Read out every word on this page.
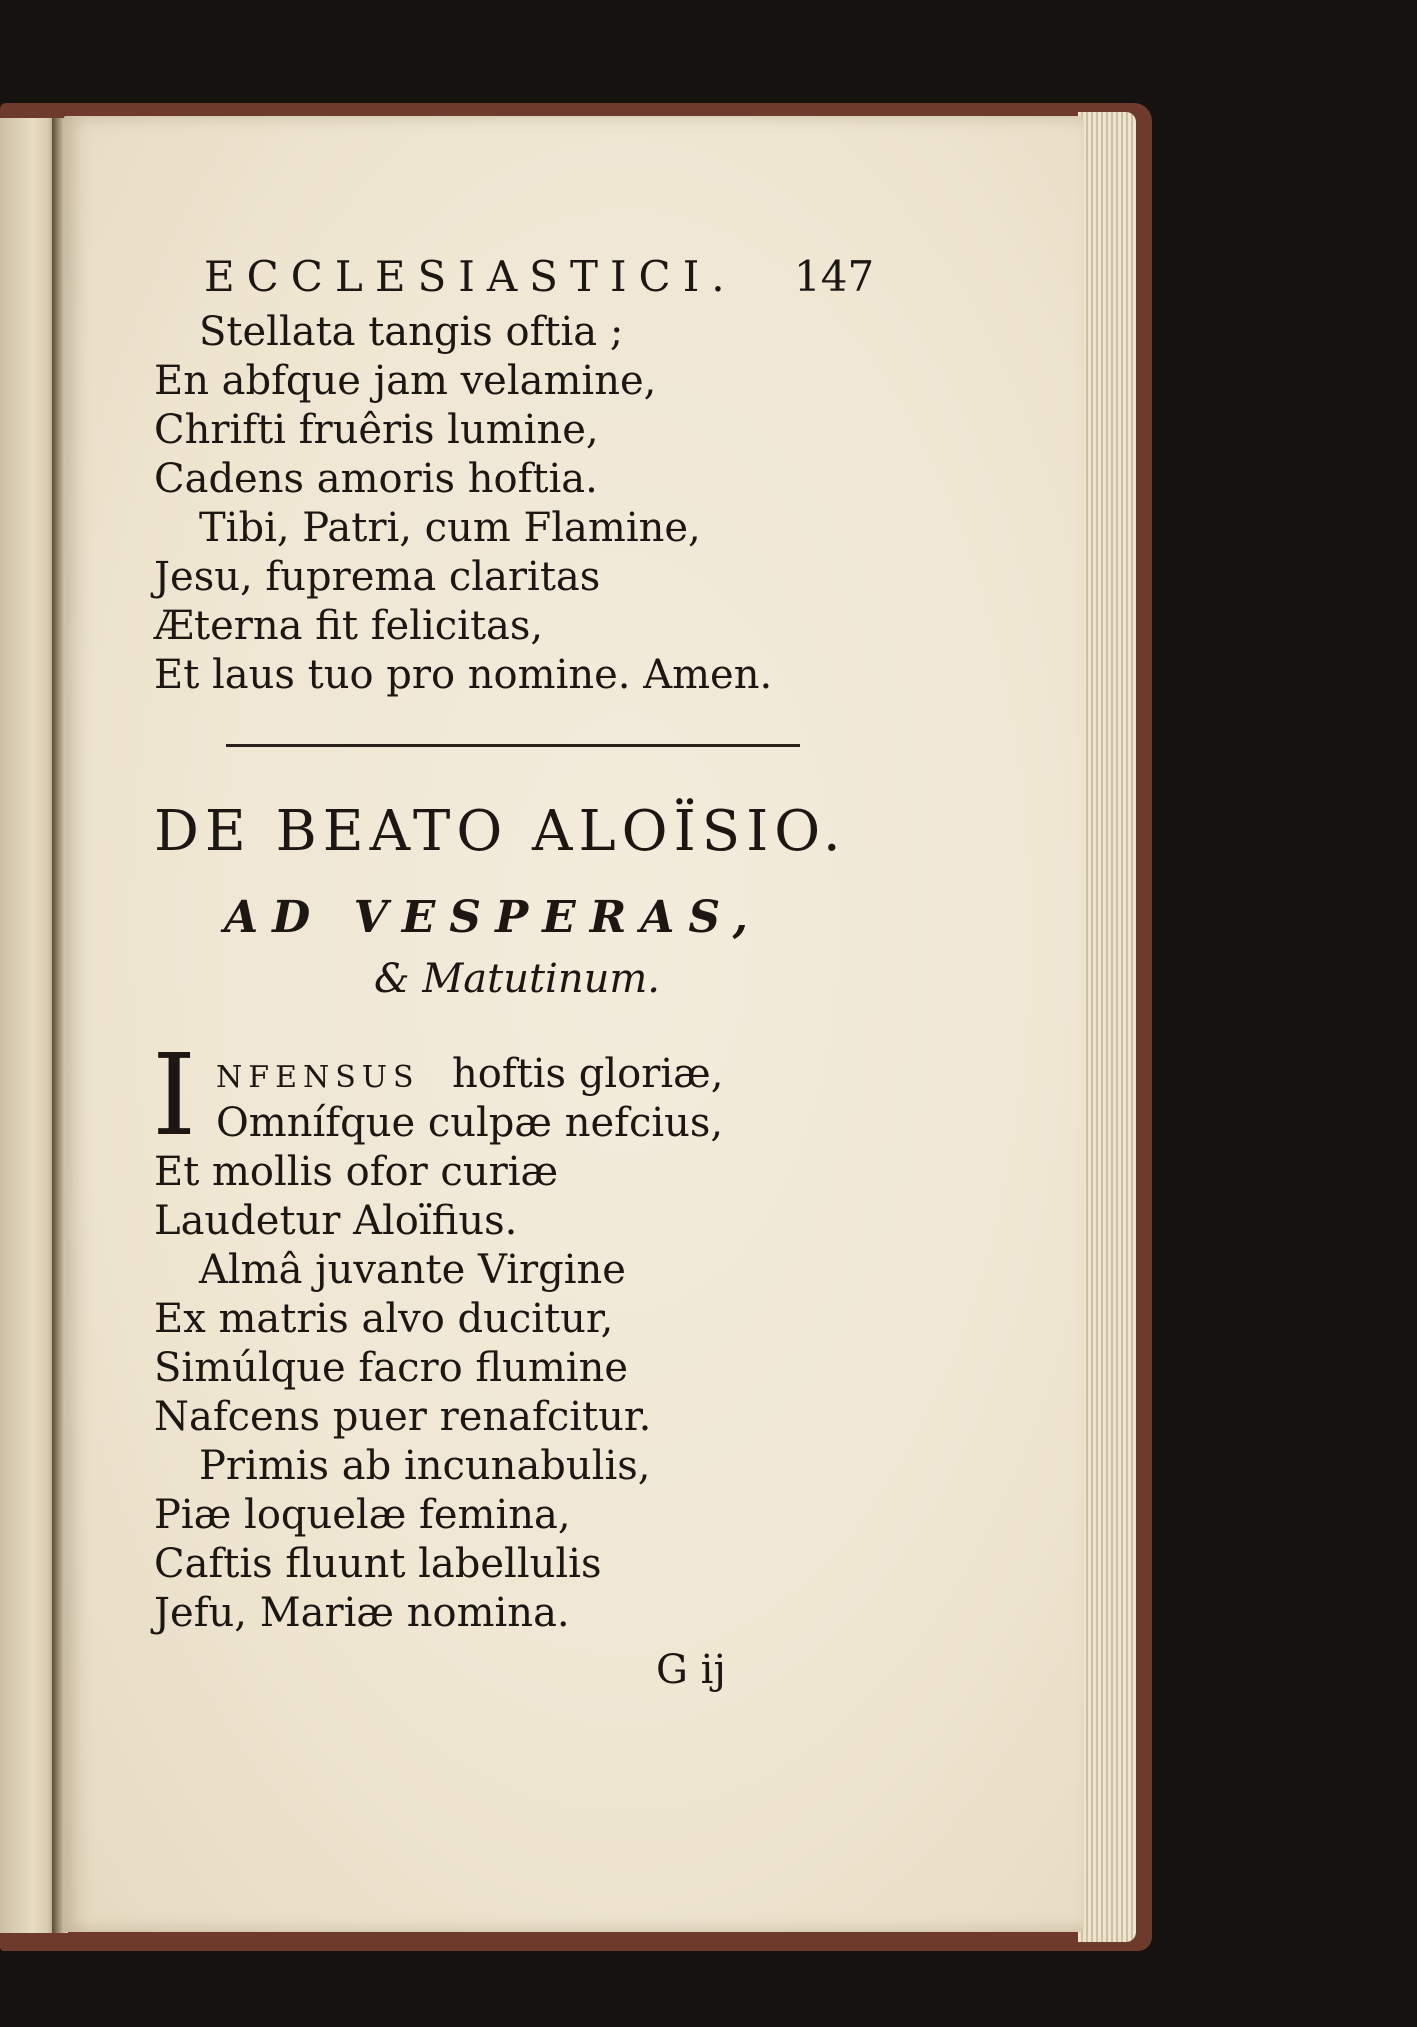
ECCLESIASTICI. 147
Stellata tangis oftia ;
En abfque jam velamine,
Chrifti fruêris lumine,
Cadens amoris hoftia.
Tibi, Patri, cum Flamine,
Jesu, fuprema claritas
Æterna fit felicitas,
Et laus tuo pro nomine. Amen.
DE BEATO ALOÏSIO.
AD VESPERAS,
& Matutinum.
I NFENSUS hoftis gloriæ,
Omnífque culpæ nefcius,
Et mollis ofor curiæ
Laudetur Aloïfius.
Almâ juvante Virgine
Ex matris alvo ducitur,
Simúlque facro flumine
Nafcens puer renafcitur.
Primis ab incunabulis,
Piæ loquelæ femina,
Caftis fluunt labellulis
Jefu, Mariæ nomina.
G ij
